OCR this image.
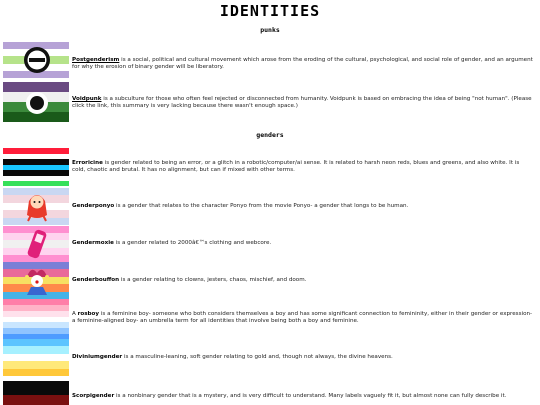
IDENTITIES
punks
Postgenderism is a social, political and cultural movement which arose from the eroding of the cultural, psychological, and social role of gender, and an argument for why the erosion of binary gender will be liberatory.
Voidpunk is a subculture for those who often feel rejected or disconnected from humanity. Voidpunk is based on embracing the idea of being "not human". (Please click the link, this summary is very lacking because there wasn't enough space.)
genders
Erroricine is gender related to being an error, or a glitch in a robotic/computer/ai sense. It is related to harsh neon reds, blues and greens, and also white. It is cold, chaotic and brutal. It has no alignment, but can if mixed with other terms.
Genderponyo is a gender that relates to the character Ponyo from the movie Ponyo- a gender that longs to be human.
Gendermoxie is a gender related to 2000â€™s clothing and webcore.
Genderbouffon is a gender relating to clowns, jesters, chaos, mischief, and doom.
A rosboy is a feminine boy- someone who both considers themselves a boy and has some significant connection to femininity, either in their gender or expression- a feminine-aligned boy- an umbrella term for all identities that involve being both a boy and feminine.
Diviniumgender is a masculine-leaning, soft gender relating to gold and, though not always, the divine heavens.
Scorpigender is a nonbinary gender that is a mystery, and is very difficult to understand. Many labels vaguely fit it, but almost none can fully describe it.
